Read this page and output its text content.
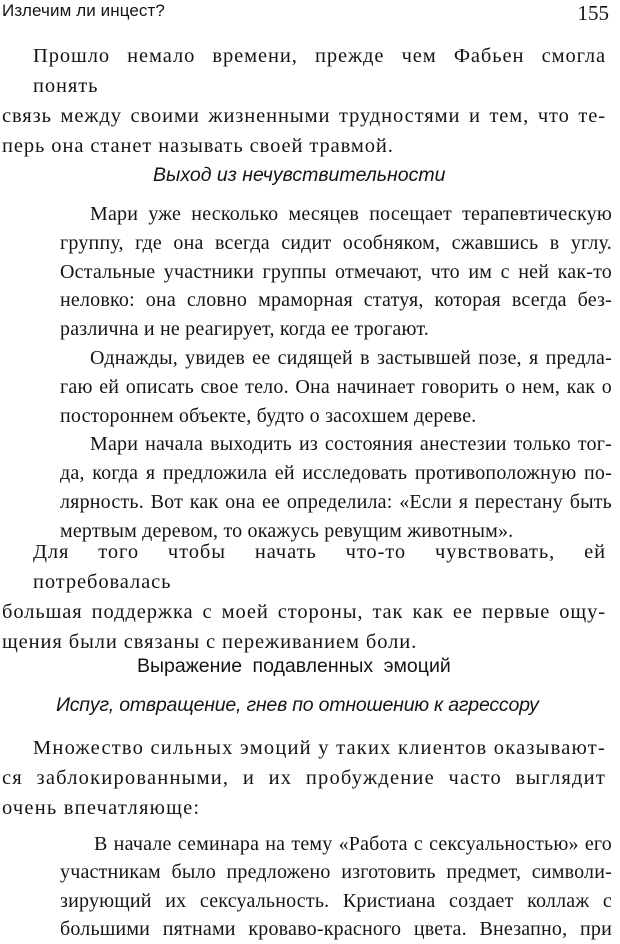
Излечим ли инцест?	155
Прошло немало времени, прежде чем Фабьен смогла понять
связь между своими жизненными трудностями и тем, что те-
перь она станет называть своей травмой.
Выход из нечувствительности
Мари уже несколько месяцев посещает терапевтическую
группу, где она всегда сидит особняком, сжавшись в углу.
Остальные участники группы отмечают, что им с ней как-то
неловко: она словно мраморная статуя, которая всегда без-
различна и не реагирует, когда ее трогают.
Однажды, увидев ее сидящей в застывшей позе, я предла-
гаю ей описать свое тело. Она начинает говорить о нем, как о
постороннем объекте, будто о засохшем дереве.
Мари начала выходить из состояния анестезии только тог-
да, когда я предложила ей исследовать противоположную по-
лярность. Вот как она ее определила: «Если я перестану быть
мертвым деревом, то окажусь ревущим животным».
Для того чтобы начать что-то чувствовать, ей потребовалась
большая поддержка с моей стороны, так как ее первые ощу-
щения были связаны с переживанием боли.
Выражение подавленных эмоций
Испуг, отвращение, гнев по отношению к агрессору
Множество сильных эмоций у таких клиентов оказывают-
ся заблокированными, и их пробуждение часто выглядит
очень впечатляюще:
В начале семинара на тему «Работа с сексуальностью» его
участникам было предложено изготовить предмет, символи-
зирующий их сексуальность. Кристиана создает коллаж с
большими пятнами кроваво-красного цвета. Внезапно, при
